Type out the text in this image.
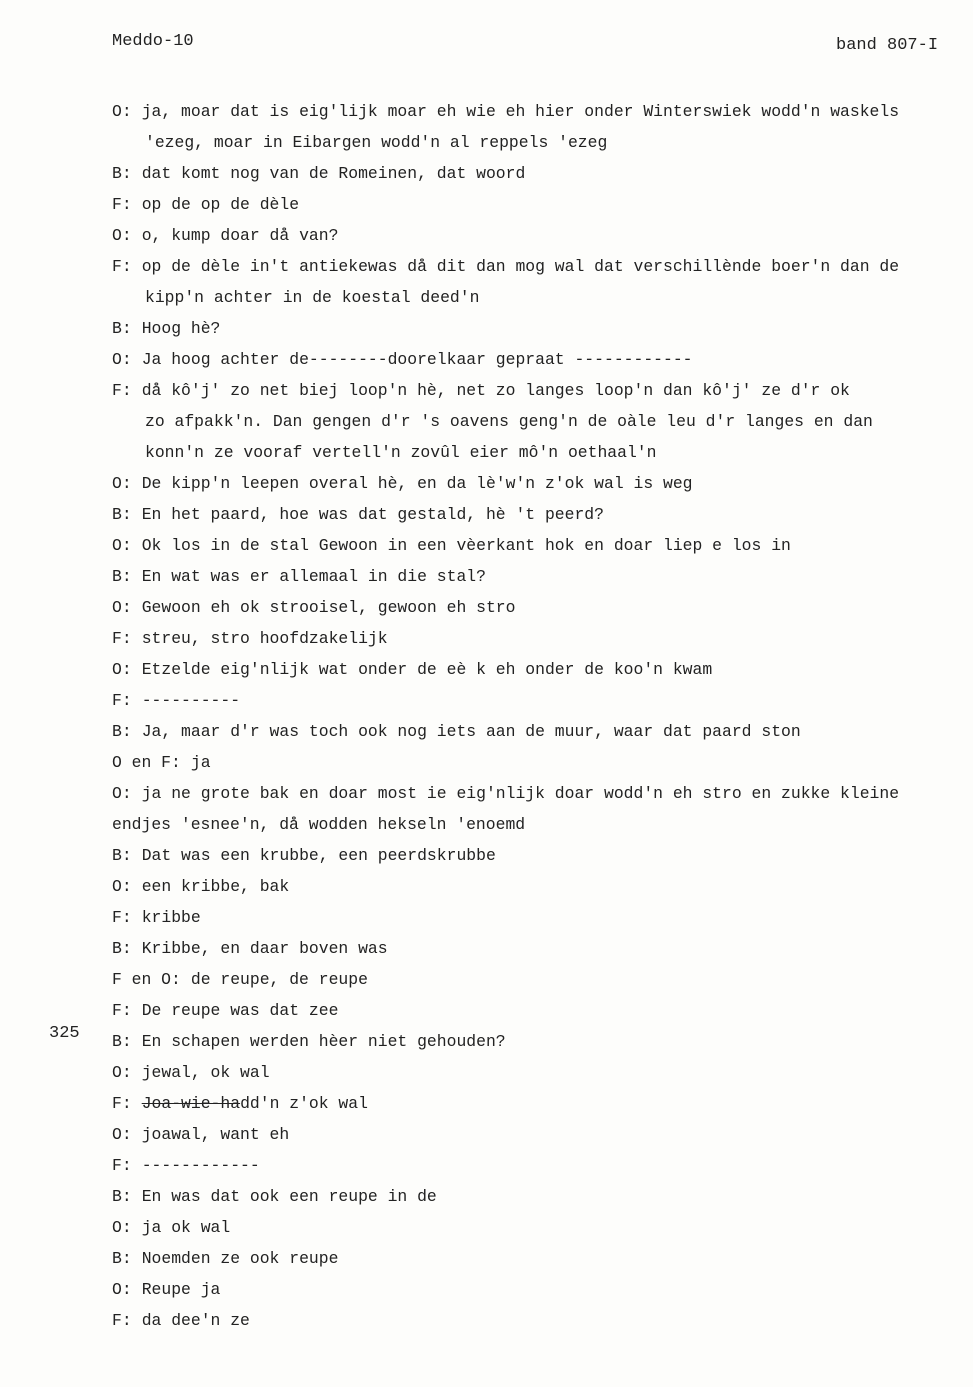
Meddo-10	band 807-I
325
O: ja, moar dat is eig'lijk moar eh wie eh hier onder Winterswiek wodd'n waskels
'ezeg, moar in Eibargen wodd'n al reppels 'ezeg
B: dat komt nog van de Romeinen, dat woord
F: op de op de dèle
O: o, kump doar då van?
F: op de dèle in't antiekewas då dit dan mog wal dat verschillènde boer'n dan de
kipp'n achter in de koestal deed'n
B: Hoog hè?
O: Ja hoog achter de--------doorelkaar gepraat ------------
F: då kô'j' zo net biej loop'n hè, net zo langes loop'n dan kô'j' ze d'r ok
zo afpakk'n. Dan gengen d'r 's oavens geng'n de oàle leu d'r langes en dan
konn'n ze vooraf vertell'n zovûl eier mô'n oethaal'n
O: De kipp'n leepen overal hè, en da lè'w'n z'ok wal is weg
B: En het paard, hoe was dat gestald, hè 't peerd?
O: Ok los in de stal Gewoon in een vèerkant hok en doar liep e los in
B: En wat was er allemaal in die stal?
O: Gewoon eh ok strooisel, gewoon eh stro
F: streu, stro hoofdzakelijk
O: Etzelde eig'nlijk wat onder de eè k eh onder de koo'n kwam
F: ----------
B: Ja, maar d'r was toch ook nog iets aan de muur, waar dat paard ston
O en F: ja
O: ja ne grote bak en doar most ie eig'nlijk doar wodd'n eh stro en zukke kleine
endjes 'esnee'n, då wodden hekseln 'enoemd
B: Dat was een krubbe, een peerdskrubbe
O: een kribbe, bak
F: kribbe
B: Kribbe, en daar boven was
F en O: de reupe, de reupe
F: De reupe was dat zee
B: En schapen werden hèer niet gehouden?
O: jewal, ok wal
F: Joa-wie-hadd'n z'ok wal
O: joawal, want eh
F: ------------
B: En was dat ook een reupe in de
O: ja ok wal
B: Noemden ze ook reupe
O: Reupe ja
F: da dee'n ze
